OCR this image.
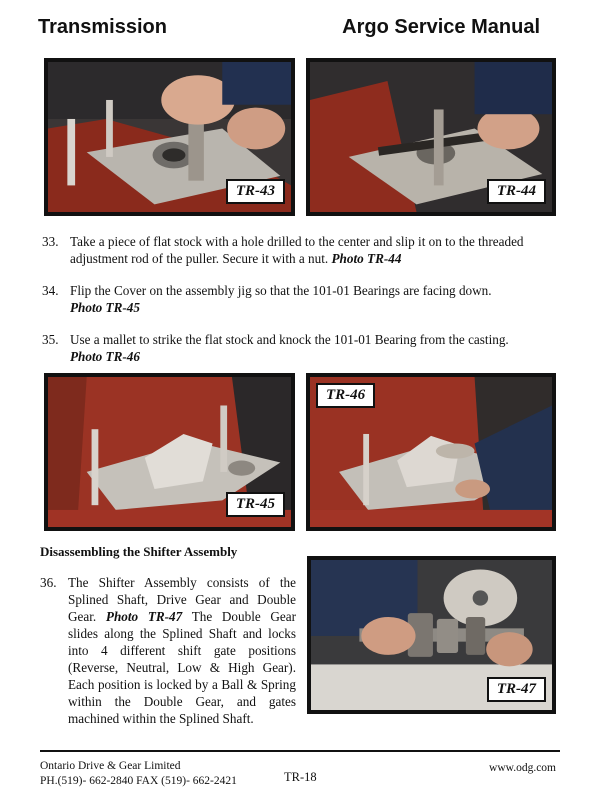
Transmission	Argo Service Manual
TR-43	TR-44
33. Take a piece of flat stock with a hole drilled to the center and slip it on to the threaded adjustment rod of the puller. Secure it with a nut. Photo TR-44
34. Flip the Cover on the assembly jig so that the 101-01 Bearings are facing down.
Photo TR-45
35. Use a mallet to strike the flat stock and knock the 101-01 Bearing from the casting.
Photo TR-46
TR-45
TR-46
Disassembling the Shifter Assembly
36. The Shifter Assembly consists of the Splined Shaft, Drive Gear and Double Gear. Photo TR-47 The Double Gear slides along the Splined Shaft and locks into 4 different shift gate positions (Reverse, Neutral, Low & High Gear). Each position is locked by a Ball & Spring within the Double Gear, and gates machined within the Splined Shaft.
TR-47
Ontario Drive & Gear Limited
PH.(519)- 662-2840 FAX (519)- 662-2421	TR-18
www.odg.com
